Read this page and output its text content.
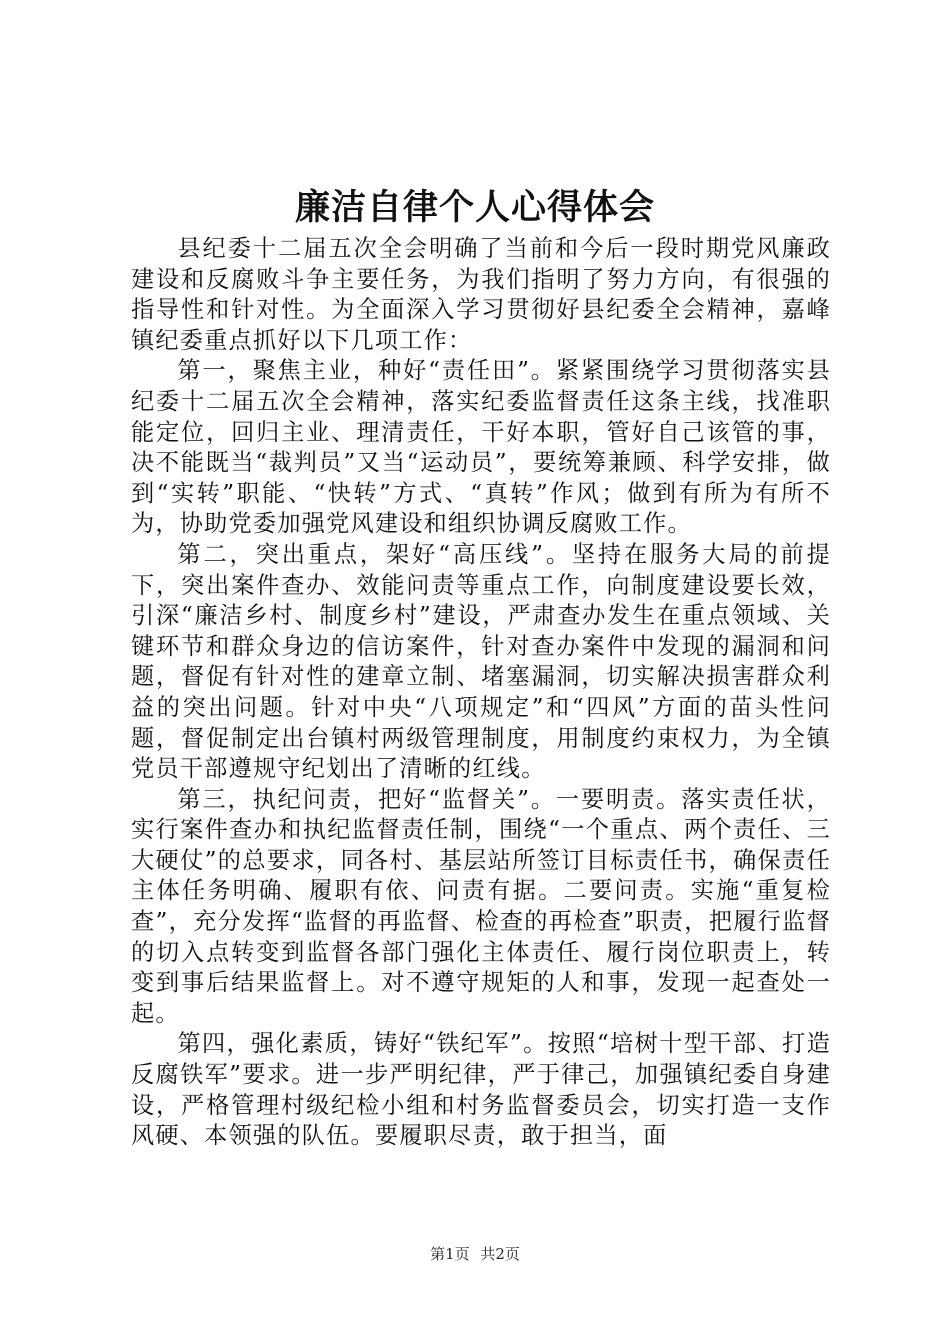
廉洁自律个人心得体会

县纪委十二届五次全会明确了当前和今后一段时期党风廉政建设和反腐败斗争主要任务，为我们指明了努力方向，有很强的指导性和针对性。为全面深入学习贯彻好县纪委全会精神，嘉峰镇纪委重点抓好以下几项工作：

第一，聚焦主业，种好“责任田”。紧紧围绕学习贯彻落实县纪委十二届五次全会精神，落实纪委监督责任这条主线，找准职能定位，回归主业、理清责任，干好本职，管好自己该管的事，决不能既当“裁判员”又当“运动员”，要统筹兼顾、科学安排，做到“实转”职能、“快转”方式、“真转”作风；做到有所为有所不为，协助党委加强党风建设和组织协调反腐败工作。

第二，突出重点，架好“高压线”。坚持在服务大局的前提下，突出案件查办、效能问责等重点工作，向制度建设要长效，引深“廉洁乡村、制度乡村”建设，严肃查办发生在重点领域、关键环节和群众身边的信访案件，针对查办案件中发现的漏洞和问题，督促有针对性的建章立制、堵塞漏洞，切实解决损害群众利益的突出问题。针对中央“八项规定”和“四风”方面的苗头性问题，督促制定出台镇村两级管理制度，用制度约束权力，为全镇党员干部遵规守纪划出了清晰的红线。

第三，执纪问责，把好“监督关”。一要明责。落实责任状，实行案件查办和执纪监督责任制，围绕“一个重点、两个责任、三大硬仗”的总要求，同各村、基层站所签订目标责任书，确保责任主体任务明确、履职有依、问责有据。二要问责。实施“重复检查”，充分发挥“监督的再监督、检查的再检查”职责，把履行监督的切入点转变到监督各部门强化主体责任、履行岗位职责上，转变到事后结果监督上。对不遵守规矩的人和事，发现一起查处一起。

第四，强化素质，铸好“铁纪军”。按照“培树十型干部、打造反腐铁军”要求。进一步严明纪律，严于律己，加强镇纪委自身建设，严格管理村级纪检小组和村务监督委员会，切实打造一支作风硬、本领强的队伍。要履职尽责，敢于担当，面

第1页 共2页
